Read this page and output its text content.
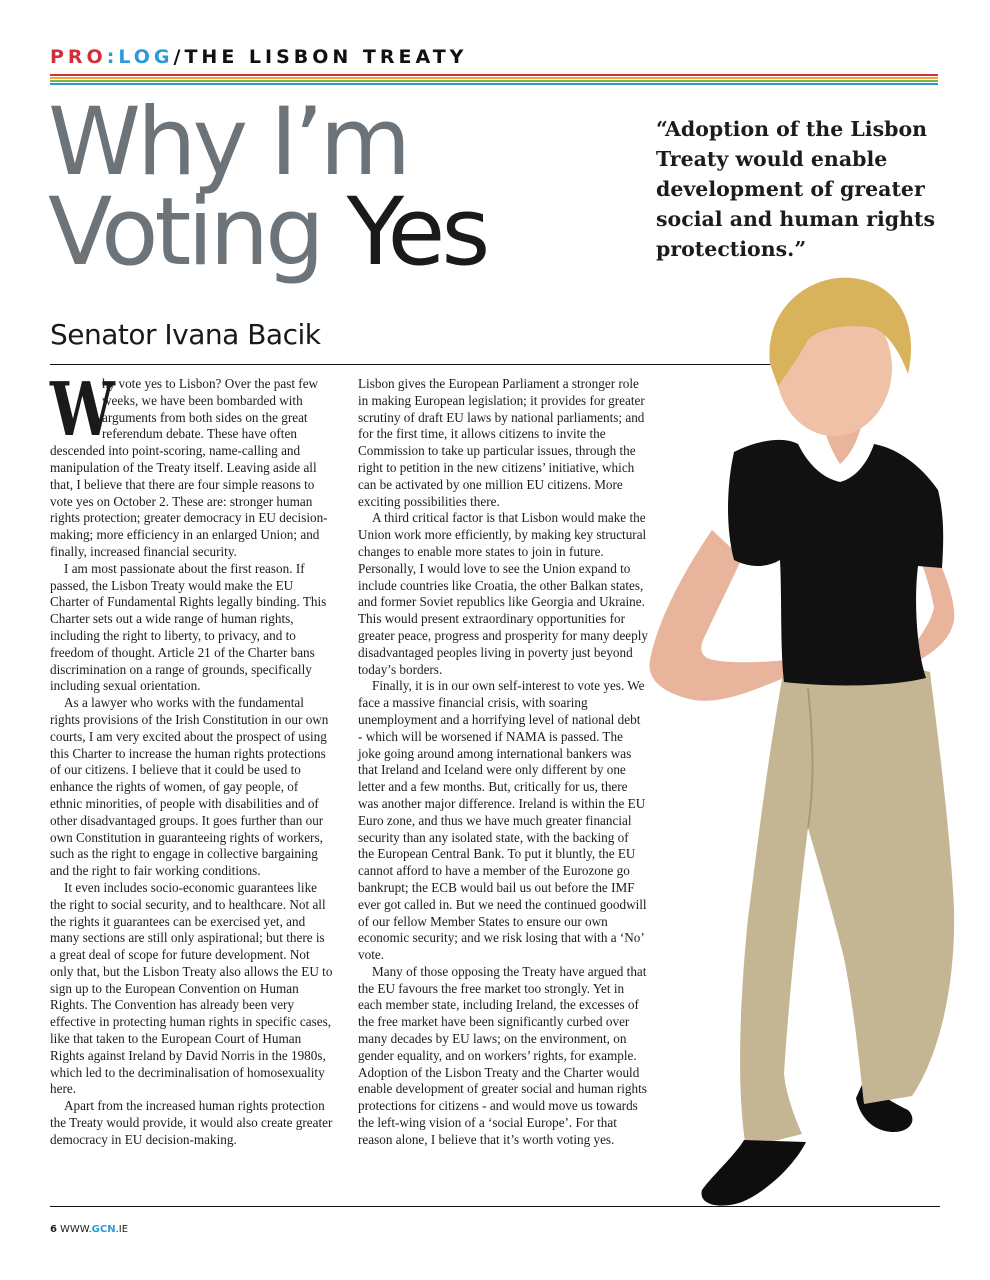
PRO:LOG/THE LISBON TREATY
Why I’m
Voting Yes
Senator Ivana Bacik
“Adoption of the Lisbon Treaty would enable development of greater social and human rights protections.”

W
hy vote yes to Lisbon? Over the past few weeks, we have been bombarded with arguments from both sides on the great referendum debate. These have often descended into point-scoring, name-calling and manipulation of the Treaty itself. Leaving aside all that, I believe that there are four simple reasons to vote yes on October 2. These are: stronger human rights protection; greater democracy in EU decision-making; more efficiency in an enlarged Union; and finally, increased financial security.

I am most passionate about the first reason. If passed, the Lisbon Treaty would make the EU Charter of Fundamental Rights legally binding. This Charter sets out a wide range of human rights, including the right to liberty, to privacy, and to freedom of thought. Article 21 of the Charter bans discrimination on a range of grounds, specifically including sexual orientation.

As a lawyer who works with the fundamental rights provisions of the Irish Constitution in our own courts, I am very excited about the prospect of using this Charter to increase the human rights protections of our citizens. I believe that it could be used to enhance the rights of women, of gay people, of ethnic minorities, of people with disabilities and of other disadvantaged groups. It goes further than our own Constitution in guaranteeing rights of workers, such as the right to engage in collective bargaining and the right to fair working conditions.

It even includes socio-economic guarantees like the right to social security, and to healthcare. Not all the rights it guarantees can be exercised yet, and many sections are still only aspirational; but there is a great deal of scope for future development. Not only that, but the Lisbon Treaty also allows the EU to sign up to the European Convention on Human Rights. The Convention has already been very effective in protecting human rights in specific cases, like that taken to the European Court of Human Rights against Ireland by David Norris in the 1980s, which led to the decriminalisation of homosexuality here.

Apart from the increased human rights protection the Treaty would provide, it would also create greater democracy in EU decision-making.

Lisbon gives the European Parliament a stronger role in making European legislation; it provides for greater scrutiny of draft EU laws by national parliaments; and for the first time, it allows citizens to invite the Commission to take up particular issues, through the right to petition in the new citizens’ initiative, which can be activated by one million EU citizens. More exciting possibilities there.

A third critical factor is that Lisbon would make the Union work more efficiently, by making key structural changes to enable more states to join in future. Personally, I would love to see the Union expand to include countries like Croatia, the other Balkan states, and former Soviet republics like Georgia and Ukraine. This would present extraordinary opportunities for greater peace, progress and prosperity for many deeply disadvantaged peoples living in poverty just beyond today’s borders.

Finally, it is in our own self-interest to vote yes. We face a massive financial crisis, with soaring unemployment and a horrifying level of national debt - which will be worsened if NAMA is passed. The joke going around among international bankers was that Ireland and Iceland were only different by one letter and a few months. But, critically for us, there was another major difference. Ireland is within the EU Euro zone, and thus we have much greater financial security than any isolated state, with the backing of the European Central Bank. To put it bluntly, the EU cannot afford to have a member of the Eurozone go bankrupt; the ECB would bail us out before the IMF ever got called in. But we need the continued goodwill of our fellow Member States to ensure our own economic security; and we risk losing that with a ‘No’ vote.

Many of those opposing the Treaty have argued that the EU favours the free market too strongly. Yet in each member state, including Ireland, the excesses of the free market have been significantly curbed over many decades by EU laws; on the environment, on gender equality, and on workers’ rights, for example. Adoption of the Lisbon Treaty and the Charter would enable development of greater social and human rights protections for citizens - and would move us towards the left-wing vision of a ‘social Europe’. For that reason alone, I believe that it’s worth voting yes.

6 WWW.GCN.IE
